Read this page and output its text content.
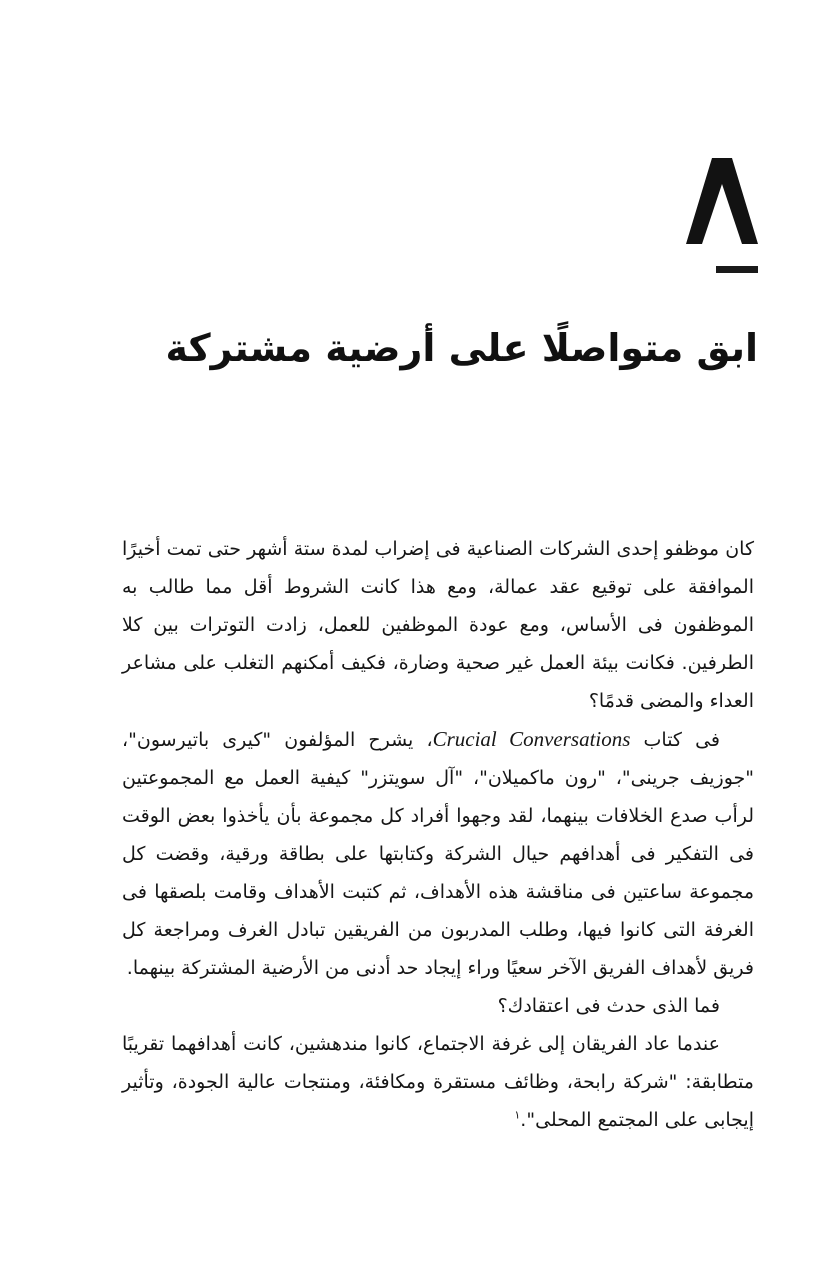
ابق متواصلًا على أرضية مشتركة

كان موظفو إحدى الشركات الصناعية فى إضراب لمدة ستة أشهر حتى تمت أخيرًا الموافقة على توقيع عقد عمالة، ومع هذا كانت الشروط أقل مما طالب به الموظفون فى الأساس، ومع عودة الموظفين للعمل، زادت التوترات بين كلا الطرفين. فكانت بيئة العمل غير صحية وضارة، فكيف أمكنهم التغلب على مشاعر العداء والمضى قدمًا؟

فى كتاب Crucial Conversations، يشرح المؤلفون "كيرى باتيرسون"، "جوزيف جرينى"، "رون ماكميلان"، "آل سويتزر" كيفية العمل مع المجموعتين لرأب صدع الخلافات بينهما، لقد وجهوا أفراد كل مجموعة بأن يأخذوا بعض الوقت فى التفكير فى أهدافهم حيال الشركة وكتابتها على بطاقة ورقية، وقضت كل مجموعة ساعتين فى مناقشة هذه الأهداف، ثم كتبت الأهداف وقامت بلصقها فى الغرفة التى كانوا فيها، وطلب المدربون من الفريقين تبادل الغرف ومراجعة كل فريق لأهداف الفريق الآخر سعيًا وراء إيجاد حد أدنى من الأرضية المشتركة بينهما.

فما الذى حدث فى اعتقادك؟

عندما عاد الفريقان إلى غرفة الاجتماع، كانوا مندهشين، كانت أهدافهما تقريبًا متطابقة: "شركة رابحة، وظائف مستقرة ومكافئة، ومنتجات عالية الجودة، وتأثير إيجابى على المجتمع المحلى".$^١$
